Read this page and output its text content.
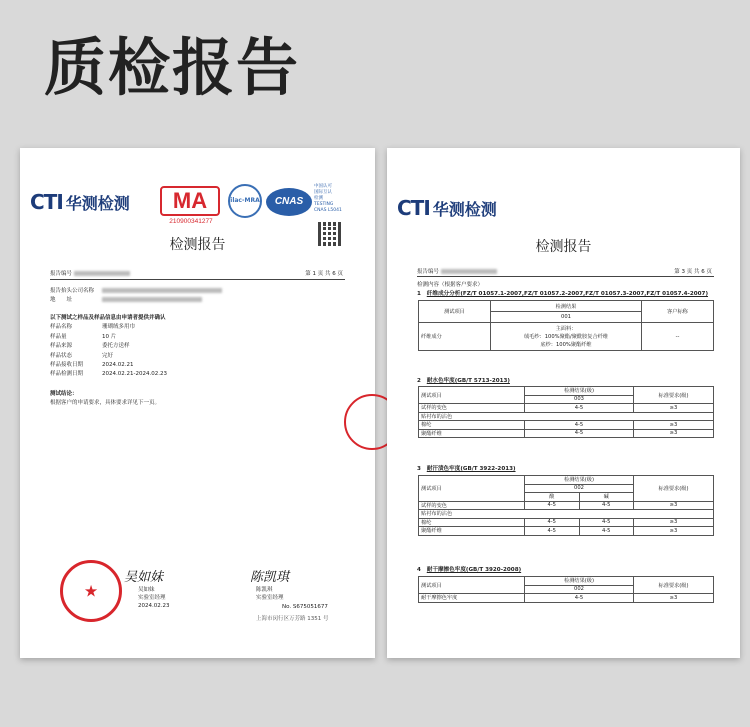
质检报告
CTI 华测检测	MA
210900341277
ilac-MRA	CNAS
中国认可
国际互认
检测
TESTING
CNAS L5041
检测报告
报告编号	第 1 页 共 6 页
报告抬头公司名称
地　　址
以下测试之样品及样品信息由申请者提供并确认
样品名称	珊瑚绒多用巾
样品量	10 片
样品来源	委托方送样
样品状态	完好
样品接收日期	2024.02.21
样品检测日期	2024.02.21-2024.02.23
测试结论：
根据客户的申请要求，具体要求详见下一页。
★
吴如妹
吴如妹
实验室经理
2024.02.23
陈凯琪
陈凯琪
实验室经理
No. S675051677
上海市闵行区万芳路 1351 号
CTI 华测检测
检测报告
报告编号	第 3 页 共 6 页
检测内容（根据客户要求）
1 纤维成分分析(FZ/T 01057.1-2007,FZ/T 01057.2-2007,FZ/T 01057.3-2007,FZ/T 01057.4-2007)
测试项目	检测结果	客户标称
	001	
纤维成分	主面料：
绒毛纱：100%聚酯/聚酰胺复合纤维
底纱：100%聚酯纤维	--
2 耐水色牢度(GB/T 5713-2013)
测试项目	检测结果(级)	标准要求(级)
	003	
试样的变色	4-5	≥3
贴衬布的沾色		
棉纶	4-5	≥3
聚酯纤维	4-5	≥3
3 耐汗渍色牢度(GB/T 3922-2013)
测试项目	检测结果(级)		标准要求(级)
	002		
	酸	碱	
试样的变色	4-5	4-5	≥3
贴衬布的沾色			
棉纶	4-5	4-5	≥3
聚酯纤维	4-5	4-5	≥3
4 耐干摩擦色牢度(GB/T 3920-2008)
测试项目	检测结果(级)	标准要求(级)
	002	
耐干摩擦色牢度	4-5	≥3
